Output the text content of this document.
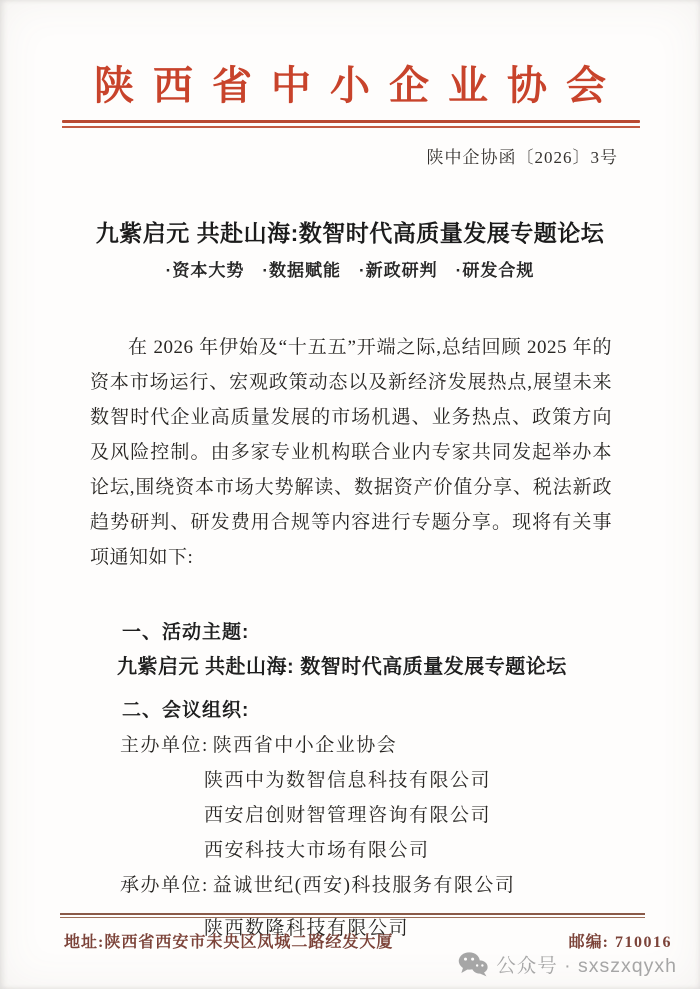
陕西省中小企业协会
陕中企协函〔2026〕3号
九紫启元 共赴山海:数智时代高质量发展专题论坛
·资本大势　·数据赋能　·新政研判　·研发合规

在 2026 年伊始及“十五五”开端之际,总结回顾 2025 年的资本市场运行、宏观政策动态以及新经济发展热点,展望未来数智时代企业高质量发展的市场机遇、业务热点、政策方向及风险控制。由多家专业机构联合业内专家共同发起举办本论坛,围绕资本市场大势解读、数据资产价值分享、税法新政趋势研判、研发费用合规等内容进行专题分享。现将有关事项通知如下:

一、活动主题:
九紫启元 共赴山海: 数智时代高质量发展专题论坛
二、会议组织:
主办单位: 陕西省中小企业协会
陕西中为数智信息科技有限公司
西安启创财智管理咨询有限公司
西安科技大市场有限公司
承办单位: 益诚世纪(西安)科技服务有限公司
陕西数隆科技有限公司
地址:陕西省西安市未央区凤城二路经发大厦	邮编: 710016
公众号 · sxszxqyxh
